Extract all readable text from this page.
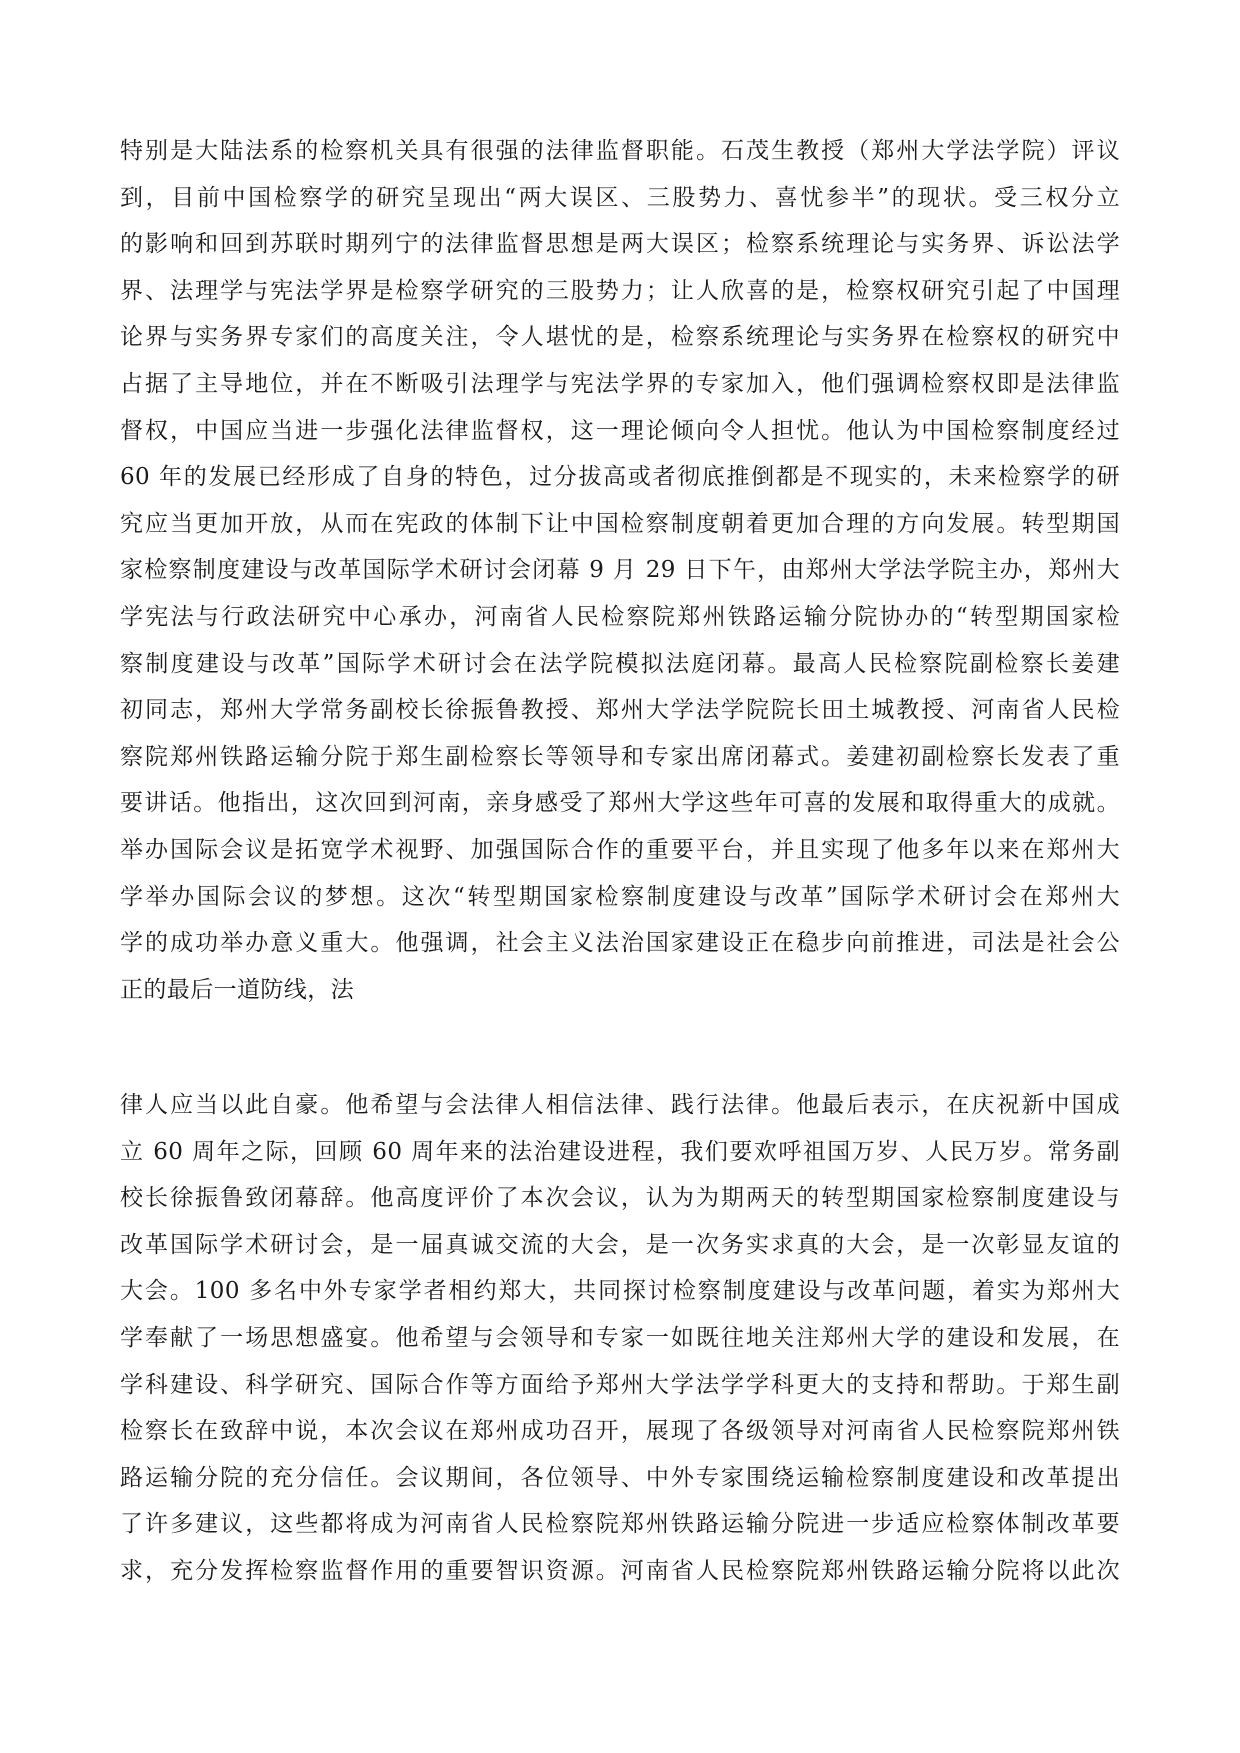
特别是大陆法系的检察机关具有很强的法律监督职能。石茂生教授（郑州大学法学院）评议
到，目前中国检察学的研究呈现出“两大误区、三股势力、喜忧参半”的现状。受三权分立
的影响和回到苏联时期列宁的法律监督思想是两大误区；检察系统理论与实务界、诉讼法学
界、法理学与宪法学界是检察学研究的三股势力；让人欣喜的是，检察权研究引起了中国理
论界与实务界专家们的高度关注，令人堪忧的是，检察系统理论与实务界在检察权的研究中
占据了主导地位，并在不断吸引法理学与宪法学界的专家加入，他们强调检察权即是法律监
督权，中国应当进一步强化法律监督权，这一理论倾向令人担忧。他认为中国检察制度经过
60 年的发展已经形成了自身的特色，过分拔高或者彻底推倒都是不现实的，未来检察学的研
究应当更加开放，从而在宪政的体制下让中国检察制度朝着更加合理的方向发展。转型期国
家检察制度建设与改革国际学术研讨会闭幕 9 月 29 日下午，由郑州大学法学院主办，郑州大
学宪法与行政法研究中心承办，河南省人民检察院郑州铁路运输分院协办的“转型期国家检
察制度建设与改革”国际学术研讨会在法学院模拟法庭闭幕。最高人民检察院副检察长姜建
初同志，郑州大学常务副校长徐振鲁教授、郑州大学法学院院长田土城教授、河南省人民检
察院郑州铁路运输分院于郑生副检察长等领导和专家出席闭幕式。姜建初副检察长发表了重
要讲话。他指出，这次回到河南，亲身感受了郑州大学这些年可喜的发展和取得重大的成就。
举办国际会议是拓宽学术视野、加强国际合作的重要平台，并且实现了他多年以来在郑州大
学举办国际会议的梦想。这次“转型期国家检察制度建设与改革”国际学术研讨会在郑州大
学的成功举办意义重大。他强调，社会主义法治国家建设正在稳步向前推进，司法是社会公
正的最后一道防线，法
律人应当以此自豪。他希望与会法律人相信法律、践行法律。他最后表示，在庆祝新中国成
立 60 周年之际，回顾 60 周年来的法治建设进程，我们要欢呼祖国万岁、人民万岁。常务副
校长徐振鲁致闭幕辞。他高度评价了本次会议，认为为期两天的转型期国家检察制度建设与
改革国际学术研讨会，是一届真诚交流的大会，是一次务实求真的大会，是一次彰显友谊的
大会。100 多名中外专家学者相约郑大，共同探讨检察制度建设与改革问题，着实为郑州大
学奉献了一场思想盛宴。他希望与会领导和专家一如既往地关注郑州大学的建设和发展，在
学科建设、科学研究、国际合作等方面给予郑州大学法学学科更大的支持和帮助。于郑生副
检察长在致辞中说，本次会议在郑州成功召开，展现了各级领导对河南省人民检察院郑州铁
路运输分院的充分信任。会议期间，各位领导、中外专家围绕运输检察制度建设和改革提出
了许多建议，这些都将成为河南省人民检察院郑州铁路运输分院进一步适应检察体制改革要
求，充分发挥检察监督作用的重要智识资源。河南省人民检察院郑州铁路运输分院将以此次
